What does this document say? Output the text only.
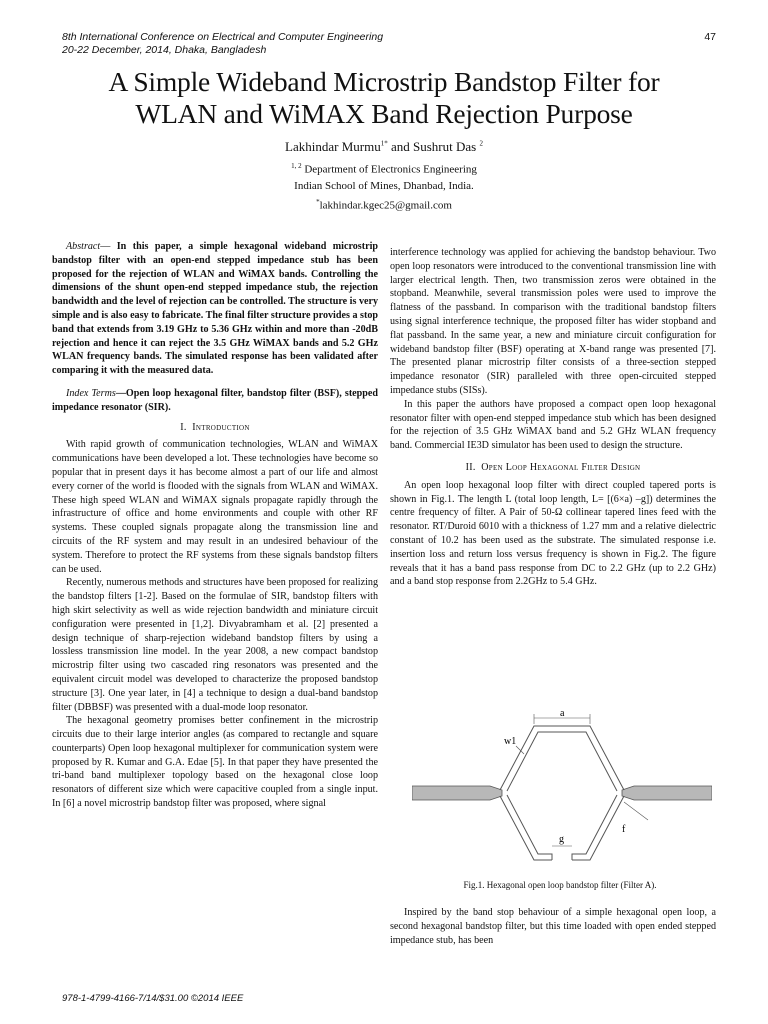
8th International Conference on Electrical and Computer Engineering
20-22 December, 2014, Dhaka, Bangladesh
47
A Simple Wideband Microstrip Bandstop Filter for
WLAN and WiMAX Band Rejection Purpose
Lakhindar Murmu$^{1*}$ and Sushrut Das $^2$
$^{1, 2}$ Department of Electronics Engineering
Indian School of Mines, Dhanbad, India.
*lakhindar.kgec25@gmail.com

Abstract— In this paper, a simple hexagonal wideband microstrip bandstop filter with an open-end stepped impedance stub has been proposed for the rejection of WLAN and WiMAX bands. Controlling the dimensions of the shunt open-end stepped impedance stub, the rejection bandwidth and the level of rejection can be controlled. The structure is very simple and is also easy to fabricate. The final filter structure provides a stop band that extends from 3.19 GHz to 5.36 GHz within and more than -20dB rejection and hence it can reject the 3.5 GHz WiMAX bands and 5.2 GHz WLAN frequency bands. The simulated response has been validated after comparing it with the measured data.

Index Terms—Open loop hexagonal filter, bandstop filter (BSF), stepped impedance resonator (SIR).

I. Introduction

With rapid growth of communication technologies, WLAN and WiMAX communications have been developed a lot. These technologies have become so popular that in present days it has become almost a part of our life and almost every corner of the world is flooded with the signals from WLAN and WiMAX. These high speed WLAN and WiMAX signals propagate rapidly through the infrastructure of office and home environments and couple with other RF systems. These coupled signals propagate along the transmission line and circuits of the RF system and may result in an undesired behaviour of the system. Therefore to protect the RF systems from these signals bandstop filters can be used.

Recently, numerous methods and structures have been proposed for realizing the bandstop filters [1-2]. Based on the formulae of SIR, bandstop filters with high skirt selectivity as well as wide rejection bandwidth and miniature circuit configuration were presented in [1,2]. Divyabramham et al. [2] presented a design technique of sharp-rejection wideband bandstop filters by using a lossless transmission line model. In the year 2008, a new compact bandstop microstrip filter using two cascaded ring resonators was presented and the equivalent circuit model was developed to characterize the proposed bandstop structure [3]. One year later, in [4] a technique to design a dual-band bandstop filter (DBBSF) was presented with a dual-mode loop resonator.

The hexagonal geometry promises better confinement in the microstrip circuits due to their large interior angles (as compared to rectangle and square counterparts) Open loop hexagonal multiplexer for communication system were proposed by R. Kumar and G.A. Edae [5]. In that paper they have presented the tri-band band multiplexer topology based on the hexagonal close loop resonators of different size which were capacitive coupled from a single input. In [6] a novel microstrip bandstop filter was proposed, where signal

interference technology was applied for achieving the bandstop behaviour. Two open loop resonators were introduced to the conventional transmission line with larger electrical length. Then, two transmission zeros were obtained in the stopband. Meanwhile, several transmission poles were used to improve the flatness of the passband. In comparison with the traditional bandstop filters using signal interference technique, the proposed filter has wider stopband and flat passband. In the same year, a new and miniature circuit configuration for wideband bandstop filter (BSF) operating at X-band range was presented [7]. The presented planar microstrip filter consists of a three-section stepped impedance resonator (SIR) paralleled with three open-circuited stepped impedance stubs (SISs).

In this paper the authors have proposed a compact open loop hexagonal resonator filter with open-end stepped impedance stub which has been designed for the rejection of 3.5 GHz WiMAX band and 5.2 GHz WLAN frequency band. Commercial IE3D simulator has been used to design the structure.

II. Open Loop Hexagonal Filter Design

An open loop hexagonal loop filter with direct coupled tapered ports is shown in Fig.1. The length L (total loop length, L= [(6×a) –g]) determines the centre frequency of filter. A Pair of 50-Ω collinear tapered lines feed with the resonator. RT/Duroid 6010 with a thickness of 1.27 mm and a relative dielectric constant of 10.2 has been used as the substrate. The simulated response i.e. insertion loss and return loss versus frequency is shown in Fig.2. The figure reveals that it has a band pass response from DC to 2.2 GHz (up to 2.2 GHz) and a band stop response from 2.2GHz to 5.4 GHz.

a
w1
f
g
Fig.1. Hexagonal open loop bandstop filter (Filter A).

Inspired by the band stop behaviour of a simple hexagonal open loop, a second hexagonal bandstop filter, but this time loaded with open ended stepped impedance stub, has been

978-1-4799-4166-7/14/$31.00 ©2014 IEEE
